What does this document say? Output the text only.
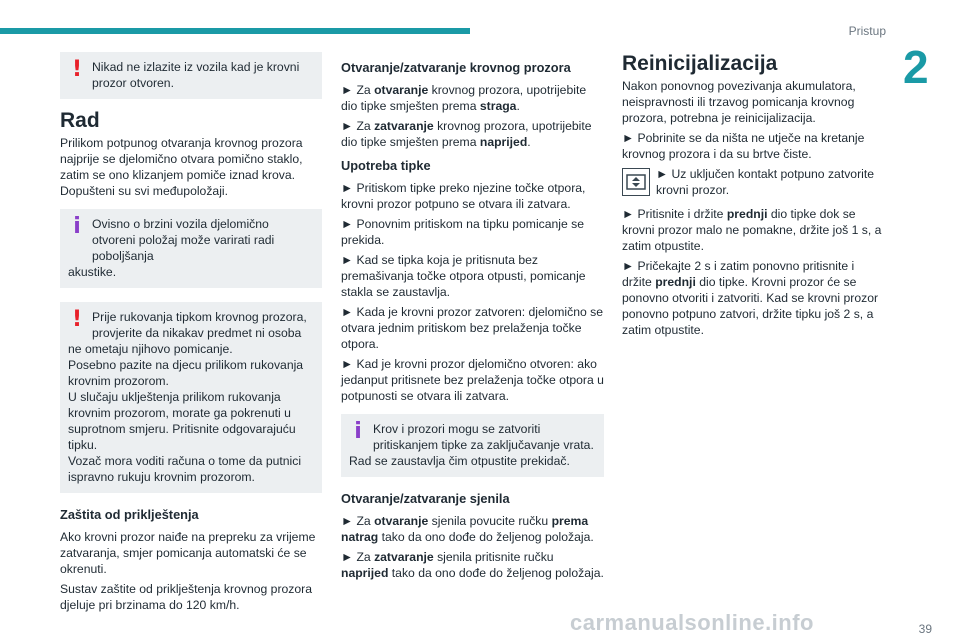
Pristup
2
! Nikad ne izlazite iz vozila kad je krovni prozor otvoren.

Rad

Prilikom potpunog otvaranja krovnog prozora najprije se djelomično otvara pomično staklo, zatim se ono klizanjem pomiče iznad krova. Dopušteni su svi međupoložaji.

i Ovisno o brzini vozila djelomično otvoreni položaj može varirati radi poboljšanja

akustike.

! Prije rukovanja tipkom krovnog prozora, provjerite da nikakav predmet ni osoba

ne ometaju njihovo pomicanje.

Posebno pazite na djecu prilikom rukovanja krovnim prozorom.

U slučaju uklještenja prilikom rukovanja krovnim prozorom, morate ga pokrenuti u suprotnom smjeru. Pritisnite odgovarajuću tipku.

Vozač mora voditi računa o tome da putnici ispravno rukuju krovnim prozorom.

Zaštita od priklještenja

Ako krovni prozor naiđe na prepreku za vrijeme zatvaranja, smjer pomicanja automatski će se okrenuti.

Sustav zaštite od priklještenja krovnog prozora djeluje pri brzinama do 120 km/h.

Otvaranje/zatvaranje krovnog prozora

► Za otvaranje krovnog prozora, upotrijebite dio tipke smješten prema straga.

► Za zatvaranje krovnog prozora, upotrijebite dio tipke smješten prema naprijed.

Upotreba tipke

► Pritiskom tipke preko njezine točke otpora, krovni prozor potpuno se otvara ili zatvara.

► Ponovnim pritiskom na tipku pomicanje se prekida.

► Kad se tipka koja je pritisnuta bez premašivanja točke otpora otpusti, pomicanje stakla se zaustavlja.

► Kada je krovni prozor zatvoren: djelomično se otvara jednim pritiskom bez prelaženja točke otpora.

► Kad je krovni prozor djelomično otvoren: ako jedanput pritisnete bez prelaženja točke otpora u potpunosti se otvara ili zatvara.

i Krov i prozori mogu se zatvoriti pritiskanjem tipke za zaključavanje vrata.

Rad se zaustavlja čim otpustite prekidač.

Otvaranje/zatvaranje sjenila

► Za otvaranje sjenila povucite ručku prema natrag tako da ono dođe do željenog položaja.

► Za zatvaranje sjenila pritisnite ručku naprijed tako da ono dođe do željenog položaja.

Reinicijalizacija

Nakon ponovnog povezivanja akumulatora, neispravnosti ili trzavog pomicanja krovnog prozora, potrebna je reinicijalizacija.

► Pobrinite se da ništa ne utječe na kretanje krovnog prozora i da su brtve čiste.

► Uz uključen kontakt potpuno zatvorite krovni prozor.

► Pritisnite i držite prednji dio tipke dok se krovni prozor malo ne pomakne, držite još 1 s, a zatim otpustite.

► Pričekajte 2 s i zatim ponovno pritisnite i držite prednji dio tipke. Krovni prozor će se ponovno otvoriti i zatvoriti. Kad se krovni prozor ponovno potpuno zatvori, držite tipku još 2 s, a zatim otpustite.

carmanualsonline.info	39
